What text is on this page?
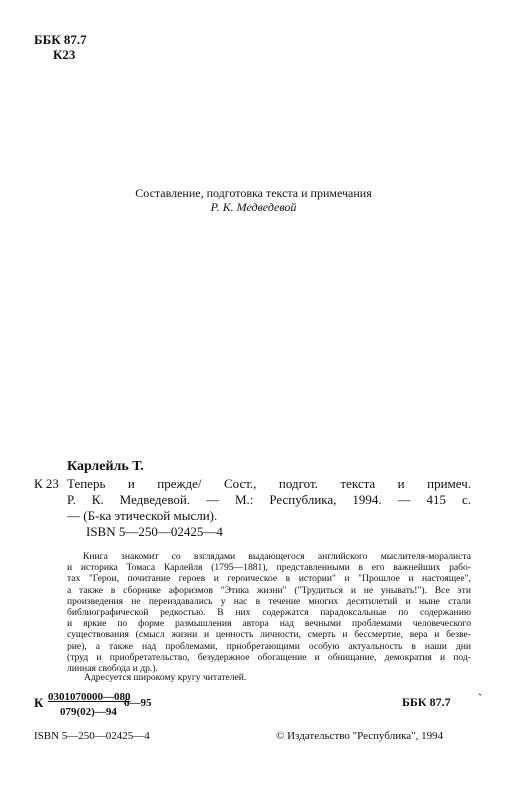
ББК 87.7
К23
Составление, подготовка текста и примечания
Р. К. Медведевой
Карлейль Т.
К 23 Теперь и прежде/ Сост., подгот. текста и примеч.

Р. К. Медведевой. — М.: Республика, 1994. — 415 с.

— (Б-ка этической мысли).

ISBN 5—250—02425—4

Книга знакомит со взглядами выдающегося английского мыслителя-моралиста

и историка Томаса Карлейля (1795—1881), представленными в его важнейших рабо-

тах "Герои, почитание героев и героическое в истории" и "Прошлое и настоящее",

а также в сборнике афоризмов "Этика жизни" ("Трудиться и не унывать!"). Все эти

произведения не переиздавались у нас в течение многих десятилетий и ныне стали

библиографической редкостью. В них содержатся парадоксальные по содержанию

и яркие по форме размышления автора над вечными проблемами человеческого

существования (смысл жизни и ценность личности, смерть и бессмертие, вера и безве-

рие), а также над проблемами, приобретающими особую актуальность в наши дни

(труд и приобретательство, безудержное обогащение и обнищание, демократия и под-

линная свобода и др.).

Адресуется широкому кругу читателей.
К $\frac{0301070000—080}{079(02)—94}$
6—95	ББК 87.7 ˋ
ISBN 5—250—02425—4	© Издательство "Республика", 1994
